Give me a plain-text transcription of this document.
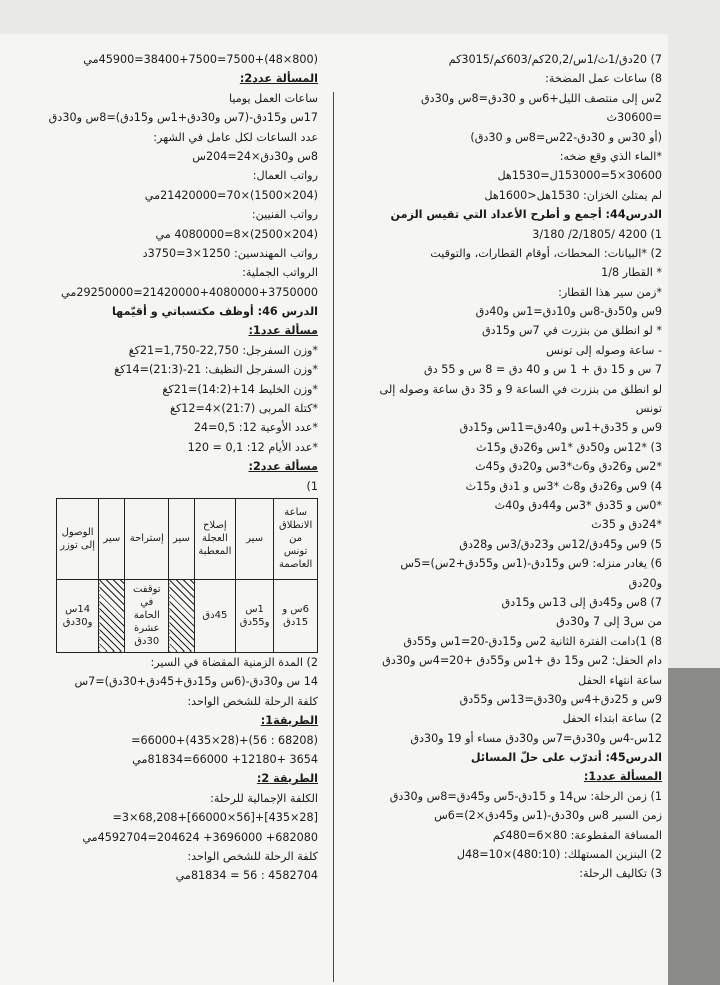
7) 20دق/1ث/1س/20,2كم/603كم/3015كم
8) ساعات عمل المضخة:
2س إلى منتصف الليل+6س و 30دق=8س و30دق
=30600ث
(أو 30س و 30دق-22س=8س و 30دق)
*الماء الذي وقع ضخه:
30600×5=153000ل=1530هل
لم يمتلئ الخزان: 1530هل<1600هل
الدرس44: أجمع و أطرح الأعداد التي تقيس الزمن
1) 4200 /2/1805/ 3/180
2) *البيانات: المحطات، أوقام القطارات، والتوقيت
* القطار 1/8
*زمن سير هذا القطار:
9س و50دق-8س و10دق=1س و40دق
* لو انطلق من بنزرت في 7س و15دق
- ساعة وصوله إلى تونس
7 س و 15 دق + 1 س و 40 دق = 8 س و 55 دق
لو انطلق من بنزرت في الساعة 9 و 35 دق ساعة وصوله إلى
تونس
9س و 35دق+1س و40دق=11س و15دق
3) *12س و50دق *1س و26دق و15ث
*2س و26دق و6ث*3س و20دق و45ث
4) 9س و26دق و8ث *3س و 1دق و15ث
*0س و 35دق *3س و44دق و40ث
*24دق و 35ث
5) 9س و45دق/12س و23دق/3س و28دق
6) يغادر منزله: 9س و15دق-(1س و55دق+2س)=5س
و20دق
7) 8س و45دق إلى 13س و15دق
من س3 إلى 7 و30دق
8) 1)دامت الفترة الثانية 2س و15دق-20=1س و55دق
دام الحفل: 2س و15 دق +1س و55دق +20=4س و30دق
ساعة انتهاء الحفل
9س و 25دق+4س و30دق=13س و55دق
2) ساعة ابتداء الحفل
12س-4س و30دق=7س و30دق مساء أو 19 و30دق
الدرس45: أتدرّب على حلّ المسائل
المسألة عدد1:
1) زمن الرحلة: س14 و 15دق-5س و45دق=8س و30دق
زمن السير 8س و30دق-(1س و45دق×2)=6س
المسافة المقطوعة: 80×6=480كم
2) البنزين المستهلك: (480:10)×10=48ل
3) تكاليف الرحلة:
(800×48)+7500=38400+7500=45900مي
المسألة عدد2:
ساعات العمل يوميا
17س و15دق-(7س و30دق+1س و15دق)=8س و30دق
عدد الساعات لكل عامل في الشهر:
8س و30دق×24=204س
رواتب العمال:
(204×1500)×70=21420000مي
رواتب الفنيين:
(204×2500)×8=4080000 مي
رواتب المهندسين: 1250×3=3750د
الرواتب الجملية:
21420000+4080000+3750000=29250000مي
الدرس 46: أوظف مكتسباتي و أقيّمها
مسألة عدد1:
*وزن السفرجل: 22,750-1,750=21كغ
*وزن السفرجل النظيف: 21-(21:3)=14كغ
*وزن الخليط 14+(14:2)=21كغ
*كتلة المربى (21:7)×4=12كغ
*عدد الأوعية 12: 0,5=24
*عدد الأيام 12: 0,1 = 120
مسألة عدد2:
1)
ساعة الانطلاق من تونس العاصمة	سير	إصلاح العجلة المعطبة	سير	إستراحة	سير	الوصول إلى توزر
6س و 15دق	1س و55دق	45دق		توقفت في الحامة عشرة 30دق		14س و30دق
2) المدة الزمنية المقضاة في السير:
14 س و30دق-(6س و15دق+45دق+30دق)=7س
كلفة الرحلة للشخص الواحد:
الطريقة1:
(68208 : 56)+(28×435)+66000=
3654 +12180+ 66000=81834مي
الطريقة 2:
الكلفة الإجمالية للرحلة:
[28×435]+[56×66000]+68,208×3=
682080+ 3696000+ 204624=4592704مي
كلفة الرحلة للشخص الواحد:
4582704 : 56 = 81834مي
